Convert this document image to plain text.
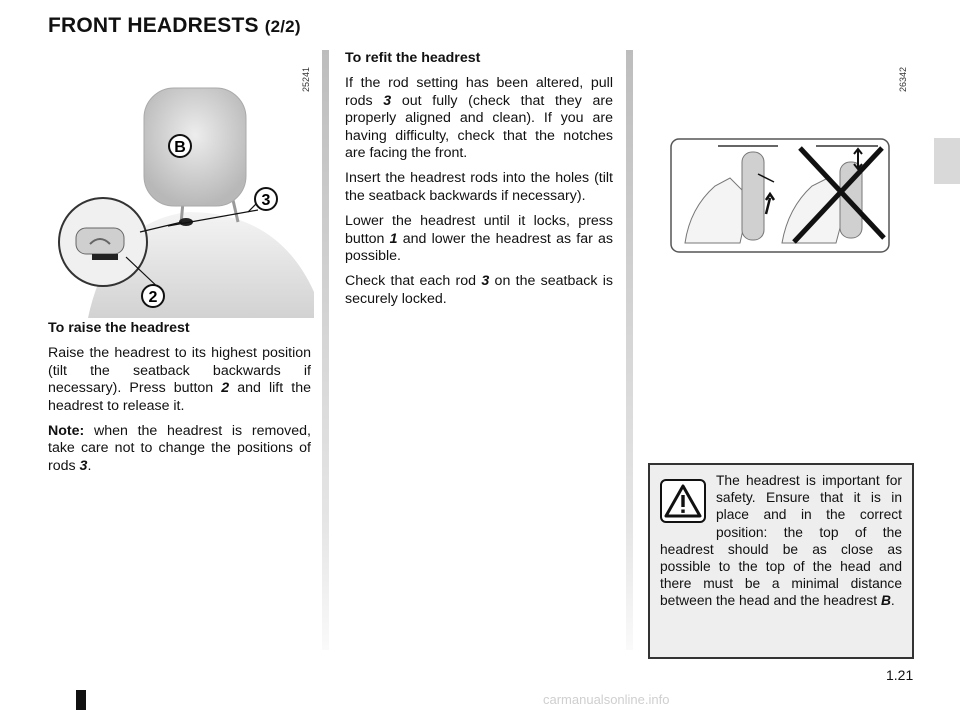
FRONT HEADRESTS (2/2)
25241	26342
B
3
2
To raise the headrest

Raise the headrest to its highest position (tilt the seatback backwards if necessary). Press button 2 and lift the headrest to release it.

Note: when the headrest is removed, take care not to change the positions of rods 3.

To refit the headrest

If the rod setting has been altered, pull rods 3 out fully (check that they are properly aligned and clean). If you are having difficulty, check that the notches are facing the front.

Insert the headrest rods into the holes (tilt the seatback backwards if necessary).

Lower the headrest until it locks, press button 1 and lower the headrest as far as possible.

Check that each rod 3 on the seatback is securely locked.

The headrest is important for safety. Ensure that it is in place and in the correct position: the top of the headrest should be as close as possible to the top of the head and there must be a minimal distance between the head and the headrest B.
1.21
carmanualsonline.info
